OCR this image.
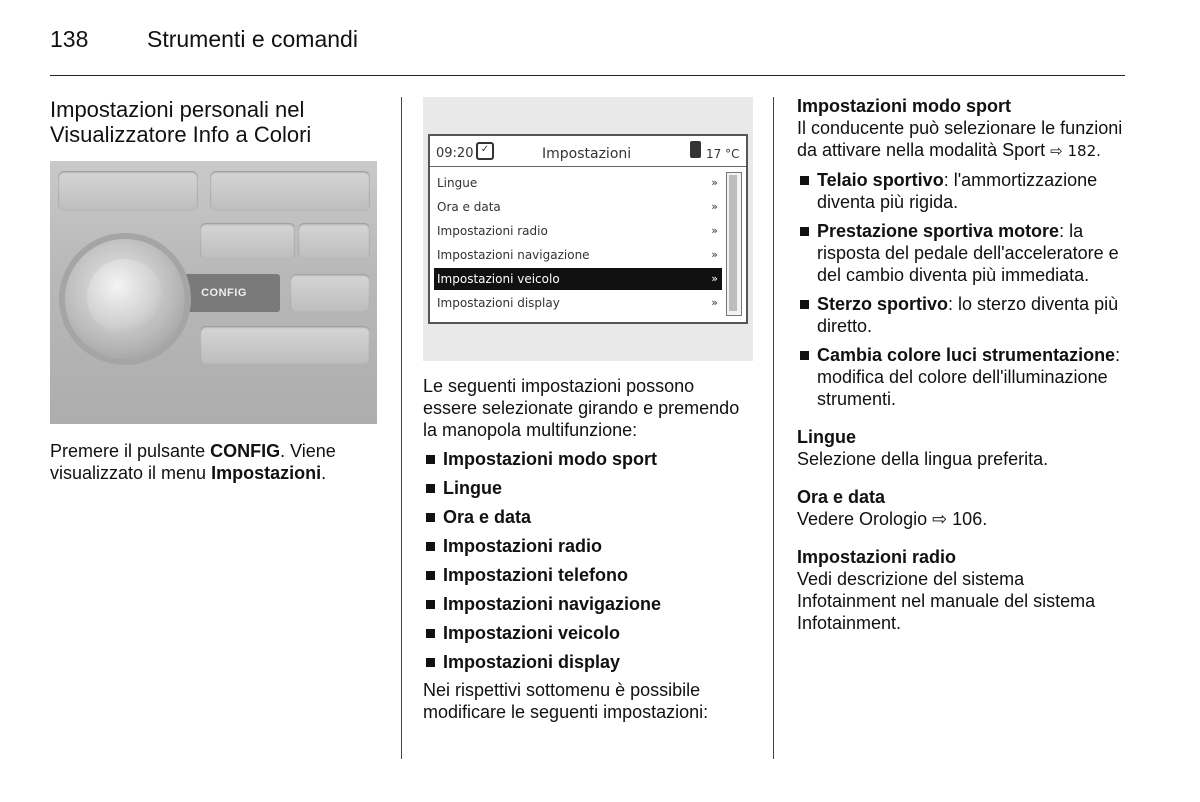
138	Strumenti e comandi
Impostazioni personali nel Visualizzatore Info a Colori
CONFIG

Premere il pulsante CONFIG. Viene visualizzato il menu Impostazioni.

09:20 ✓	Impostazioni	17 °C
Lingue	»
Ora e data	»
Impostazioni radio	»
Impostazioni navigazione	»
Impostazioni veicolo	»
Impostazioni display	»

Le seguenti impostazioni possono essere selezionate girando e premendo la manopola multifunzione:

Impostazioni modo sport

Lingue

Ora e data

Impostazioni radio

Impostazioni telefono

Impostazioni navigazione

Impostazioni veicolo

Impostazioni display

Nei rispettivi sottomenu è possibile modificare le seguenti impostazioni:

Impostazioni modo sport

Il conducente può selezionare le funzioni da attivare nella modalità Sport ⇨ 182.

Telaio sportivo: l'ammortizzazione diventa più rigida.

Prestazione sportiva motore: la risposta del pedale dell'acceleratore e del cambio diventa più immediata.

Sterzo sportivo: lo sterzo diventa più diretto.

Cambia colore luci strumentazione: modifica del colore dell'illuminazione strumenti.

Lingue

Selezione della lingua preferita.

Ora e data

Vedere Orologio ⇨ 106.

Impostazioni radio

Vedi descrizione del sistema Infotainment nel manuale del sistema Infotainment.
